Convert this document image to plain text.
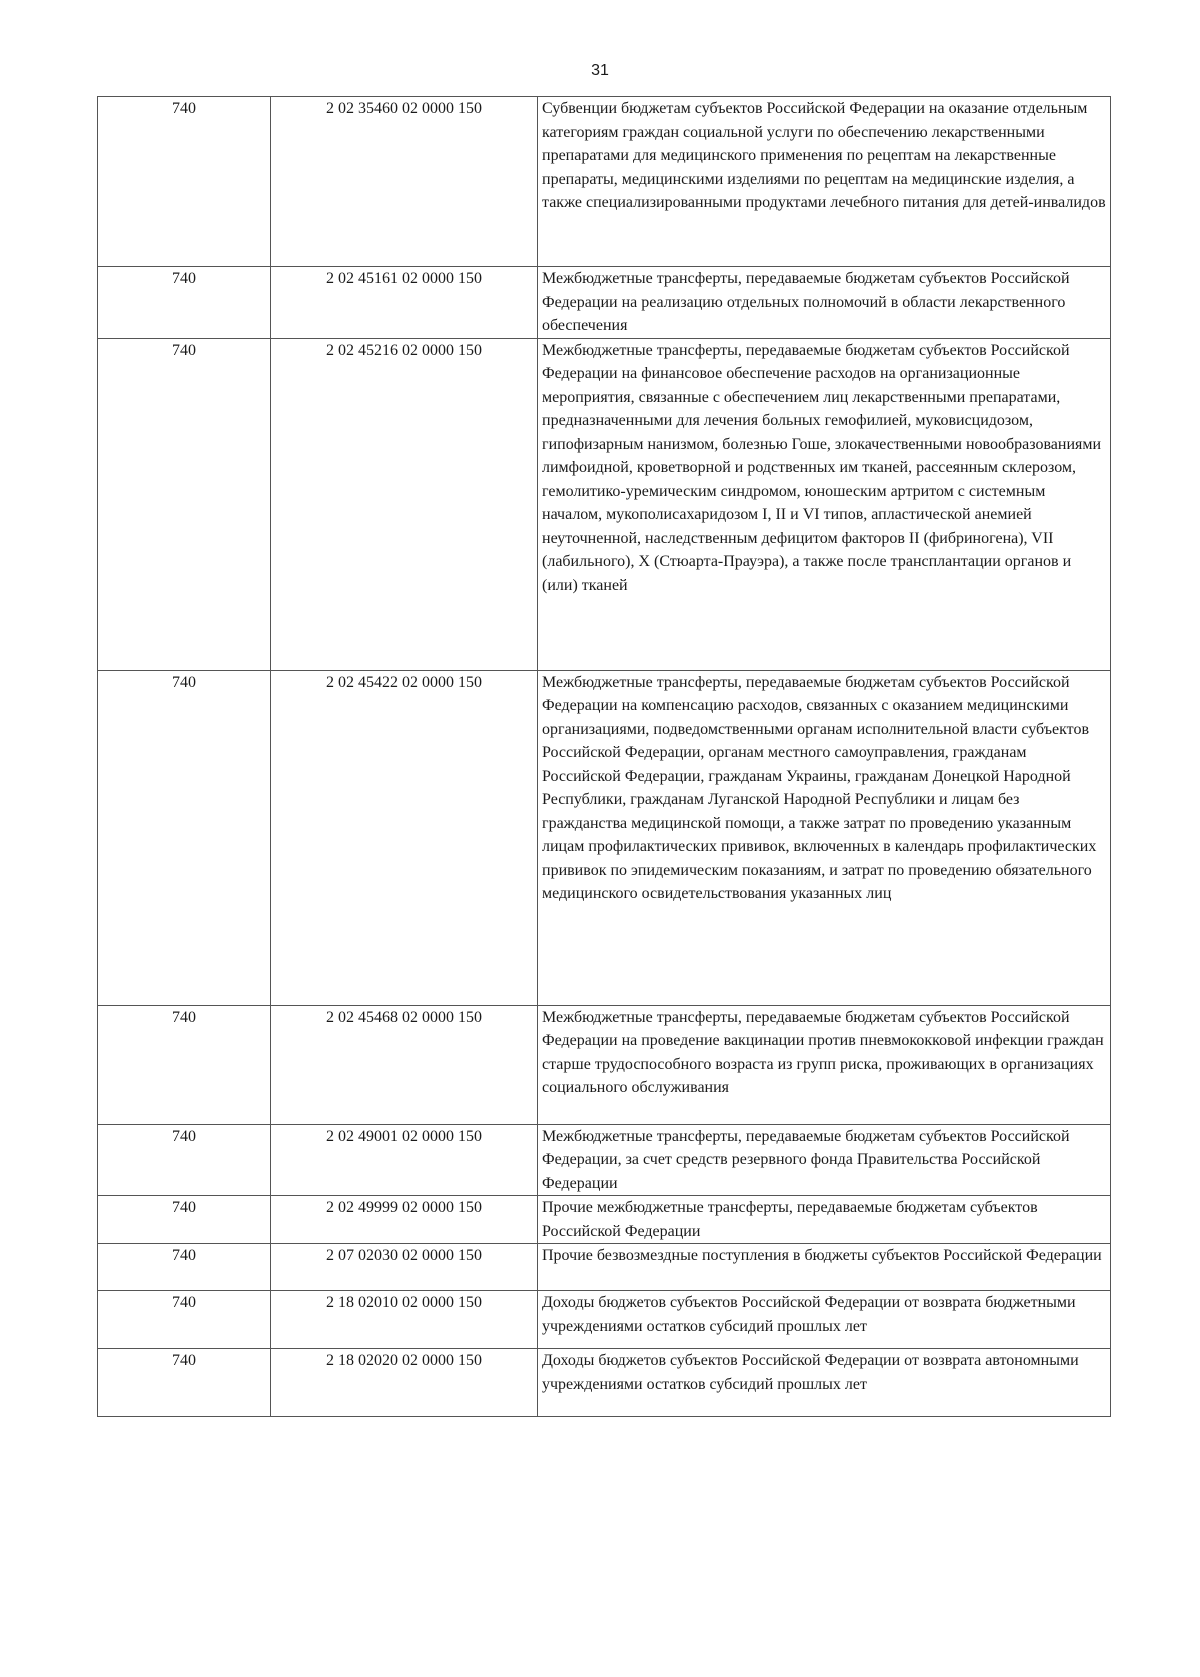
31
740	2 02 35460 02 0000 150	Субвенции бюджетам субъектов Российской Федерации на оказание отдельным категориям граждан социальной услуги по обеспечению лекарственными препаратами для медицинского применения по рецептам на лекарственные препараты, медицинскими изделиями по рецептам на медицинские изделия, а также специализированными продуктами лечебного питания для детей-инвалидов
740	2 02 45161 02 0000 150	Межбюджетные трансферты, передаваемые бюджетам субъектов Российской Федерации на реализацию отдельных полномочий в области лекарственного обеспечения
740	2 02 45216 02 0000 150	Межбюджетные трансферты, передаваемые бюджетам субъектов Российской Федерации на финансовое обеспечение расходов на организационные мероприятия, связанные с обеспечением лиц лекарственными препаратами, предназначенными для лечения больных гемофилией, муковисцидозом, гипофизарным нанизмом, болезнью Гоше, злокачественными новообразованиями лимфоидной, кроветворной и родственных им тканей, рассеянным склерозом, гемолитико-уремическим синдромом, юношеским артритом с системным началом, мукополисахаридозом I, II и VI типов, апластической анемией неуточненной, наследственным дефицитом факторов II (фибриногена), VII (лабильного), X (Стюарта-Прауэра), а также после трансплантации органов и (или) тканей
740	2 02 45422 02 0000 150	Межбюджетные трансферты, передаваемые бюджетам субъектов Российской Федерации на компенсацию расходов, связанных с оказанием медицинскими организациями, подведомственными органам исполнительной власти субъектов Российской Федерации, органам местного самоуправления, гражданам Российской Федерации, гражданам Украины, гражданам Донецкой Народной Республики, гражданам Луганской Народной Республики и лицам без гражданства медицинской помощи, а также затрат по проведению указанным лицам профилактических прививок, включенных в календарь профилактических прививок по эпидемическим показаниям, и затрат по проведению обязательного медицинского освидетельствования указанных лиц
740	2 02 45468 02 0000 150	Межбюджетные трансферты, передаваемые бюджетам субъектов Российской Федерации на проведение вакцинации против пневмококковой инфекции граждан старше трудоспособного возраста из групп риска, проживающих в организациях социального обслуживания
740	2 02 49001 02 0000 150	Межбюджетные трансферты, передаваемые бюджетам субъектов Российской Федерации, за счет средств резервного фонда Правительства Российской Федерации
740	2 02 49999 02 0000 150	Прочие межбюджетные трансферты, передаваемые бюджетам субъектов Российской Федерации
740	2 07 02030 02 0000 150	Прочие безвозмездные поступления в бюджеты субъектов Российской Федерации
740	2 18 02010 02 0000 150	Доходы бюджетов субъектов Российской Федерации от возврата бюджетными учреждениями остатков субсидий прошлых лет
740	2 18 02020 02 0000 150	Доходы бюджетов субъектов Российской Федерации от возврата автономными учреждениями остатков субсидий прошлых лет
